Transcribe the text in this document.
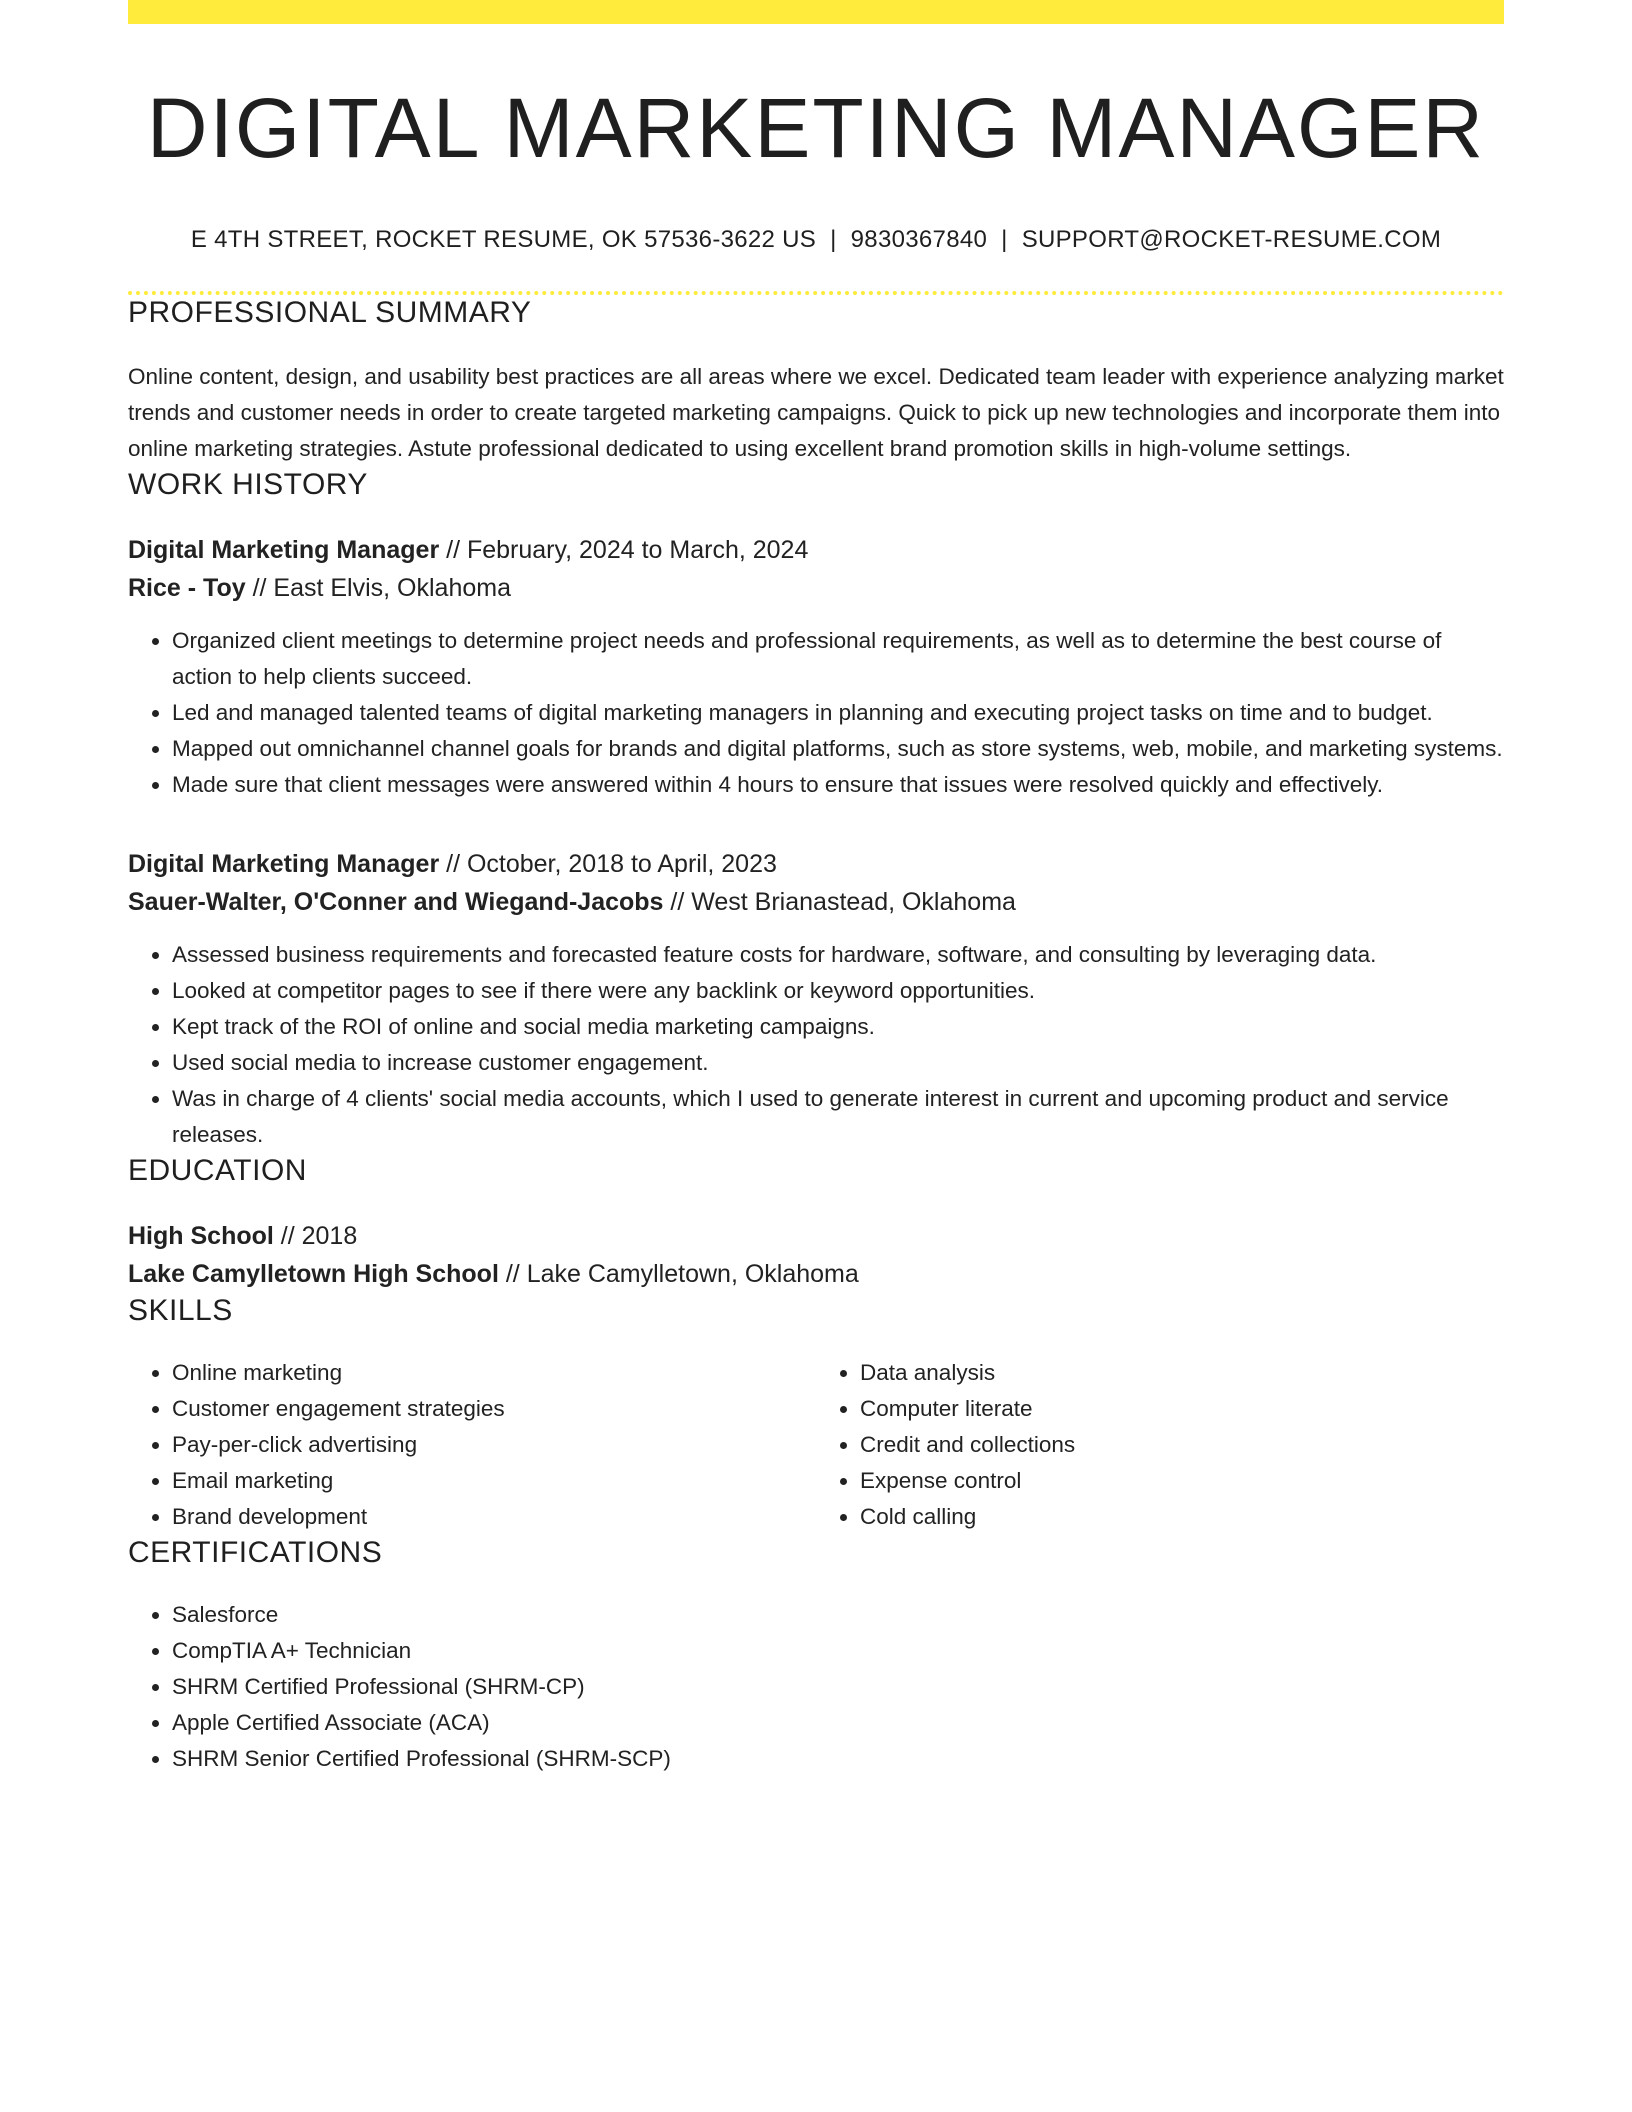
DIGITAL MARKETING MANAGER
E 4TH STREET, ROCKET RESUME, OK 57536-3622 US | 9830367840 | SUPPORT@ROCKET-RESUME.COM
PROFESSIONAL SUMMARY

Online content, design, and usability best practices are all areas where we excel. Dedicated team leader with experience analyzing market trends and customer needs in order to create targeted marketing campaigns. Quick to pick up new technologies and incorporate them into online marketing strategies. Astute professional dedicated to using excellent brand promotion skills in high-volume settings.

WORK HISTORY
Digital Marketing Manager // February, 2024 to March, 2024
Rice - Toy // East Elvis, Oklahoma
• Organized client meetings to determine project needs and professional requirements, as well as to determine the best course of action to help clients succeed.
• Led and managed talented teams of digital marketing managers in planning and executing project tasks on time and to budget.
• Mapped out omnichannel channel goals for brands and digital platforms, such as store systems, web, mobile, and marketing systems.
• Made sure that client messages were answered within 4 hours to ensure that issues were resolved quickly and effectively.
Digital Marketing Manager // October, 2018 to April, 2023
Sauer-Walter, O'Conner and Wiegand-Jacobs // West Brianastead, Oklahoma
• Assessed business requirements and forecasted feature costs for hardware, software, and consulting by leveraging data.
• Looked at competitor pages to see if there were any backlink or keyword opportunities.
• Kept track of the ROI of online and social media marketing campaigns.
• Used social media to increase customer engagement.
• Was in charge of 4 clients' social media accounts, which I used to generate interest in current and upcoming product and service releases.
EDUCATION
High School // 2018
Lake Camylletown High School // Lake Camylletown, Oklahoma
SKILLS
• Online marketing
• Customer engagement strategies
• Pay-per-click advertising
• Email marketing
• Brand development
• Data analysis
• Computer literate
• Credit and collections
• Expense control
• Cold calling
CERTIFICATIONS
• Salesforce
• CompTIA A+ Technician
• SHRM Certified Professional (SHRM-CP)
• Apple Certified Associate (ACA)
• SHRM Senior Certified Professional (SHRM-SCP)
